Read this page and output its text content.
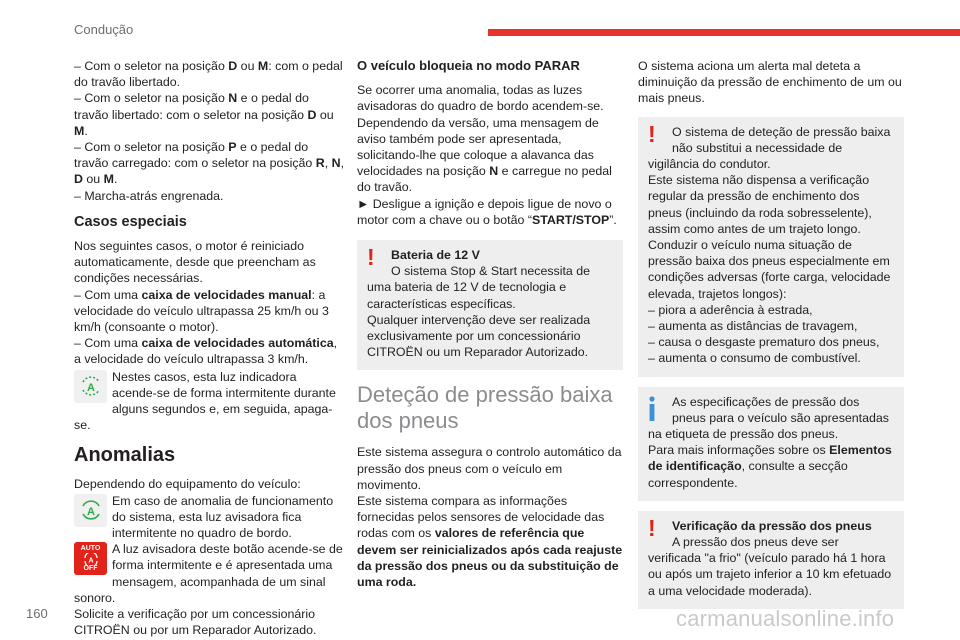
Condução

– Com o seletor na posição D ou M: com o pedal do travão libertado.

– Com o seletor na posição N e o pedal do travão libertado: com o seletor na posição D ou M.

– Com o seletor na posição P e o pedal do travão carregado: com o seletor na posição R, N, D ou M.

– Marcha-atrás engrenada.

Casos especiais

Nos seguintes casos, o motor é reiniciado automaticamente, desde que preencham as condições necessárias.

– Com uma caixa de velocidades manual: a velocidade do veículo ultrapassa 25 km/h ou 3 km/h (consoante o motor).

– Com uma caixa de velocidades automática, a velocidade do veículo ultrapassa 3 km/h.

A

Nestes casos, esta luz indicadora acende-se de forma intermitente durante alguns segundos e, em seguida, apaga-se.

Anomalias

Dependendo do equipamento do veículo:

A

Em caso de anomalia de funcionamento do sistema, esta luz avisadora fica intermitente no quadro de bordo.

AUTO
A
OFF

A luz avisadora deste botão acende-se de forma intermitente e é apresentada uma mensagem, acompanhada de um sinal sonoro.

Solicite a verificação por um concessionário CITROËN ou por um Reparador Autorizado.

O veículo bloqueia no modo PARAR

Se ocorrer uma anomalia, todas as luzes avisadoras do quadro de bordo acendem-se.

Dependendo da versão, uma mensagem de aviso também pode ser apresentada, solicitando-lhe que coloque a alavanca das velocidades na posição N e carregue no pedal do travão.

► Desligue a ignição e depois ligue de novo o motor com a chave ou o botão “START/STOP”.

!	Bateria de 12 V

O sistema Stop & Start necessita de uma bateria de 12 V de tecnologia e características específicas.

Qualquer intervenção deve ser realizada exclusivamente por um concessionário CITROËN ou um Reparador Autorizado.

Deteção de pressão baixa dos pneus

Este sistema assegura o controlo automático da pressão dos pneus com o veículo em movimento.

Este sistema compara as informações fornecidas pelos sensores de velocidade das rodas com os valores de referência que devem ser reinicializados após cada reajuste da pressão dos pneus ou da substituição de uma roda.

O sistema aciona um alerta mal deteta a diminuição da pressão de enchimento de um ou mais pneus.

!	O sistema de deteção de pressão baixa não substitui a necessidade de vigilância do condutor.

Este sistema não dispensa a verificação regular da pressão de enchimento dos pneus (incluindo da roda sobresselente), assim como antes de um trajeto longo.

Conduzir o veículo numa situação de pressão baixa dos pneus especialmente em condições adversas (forte carga, velocidade elevada, trajetos longos):

– piora a aderência à estrada,

– aumenta as distâncias de travagem,

– causa o desgaste prematuro dos pneus,

– aumenta o consumo de combustível.

As especificações de pressão dos pneus para o veículo são apresentadas na etiqueta de pressão dos pneus.

Para mais informações sobre os Elementos de identificação, consulte a secção correspondente.

!	Verificação da pressão dos pneus

A pressão dos pneus deve ser verificada "a frio" (veículo parado há 1 hora ou após um trajeto inferior a 10 km efetuado a uma velocidade moderada).

160	carmanualsonline.info
